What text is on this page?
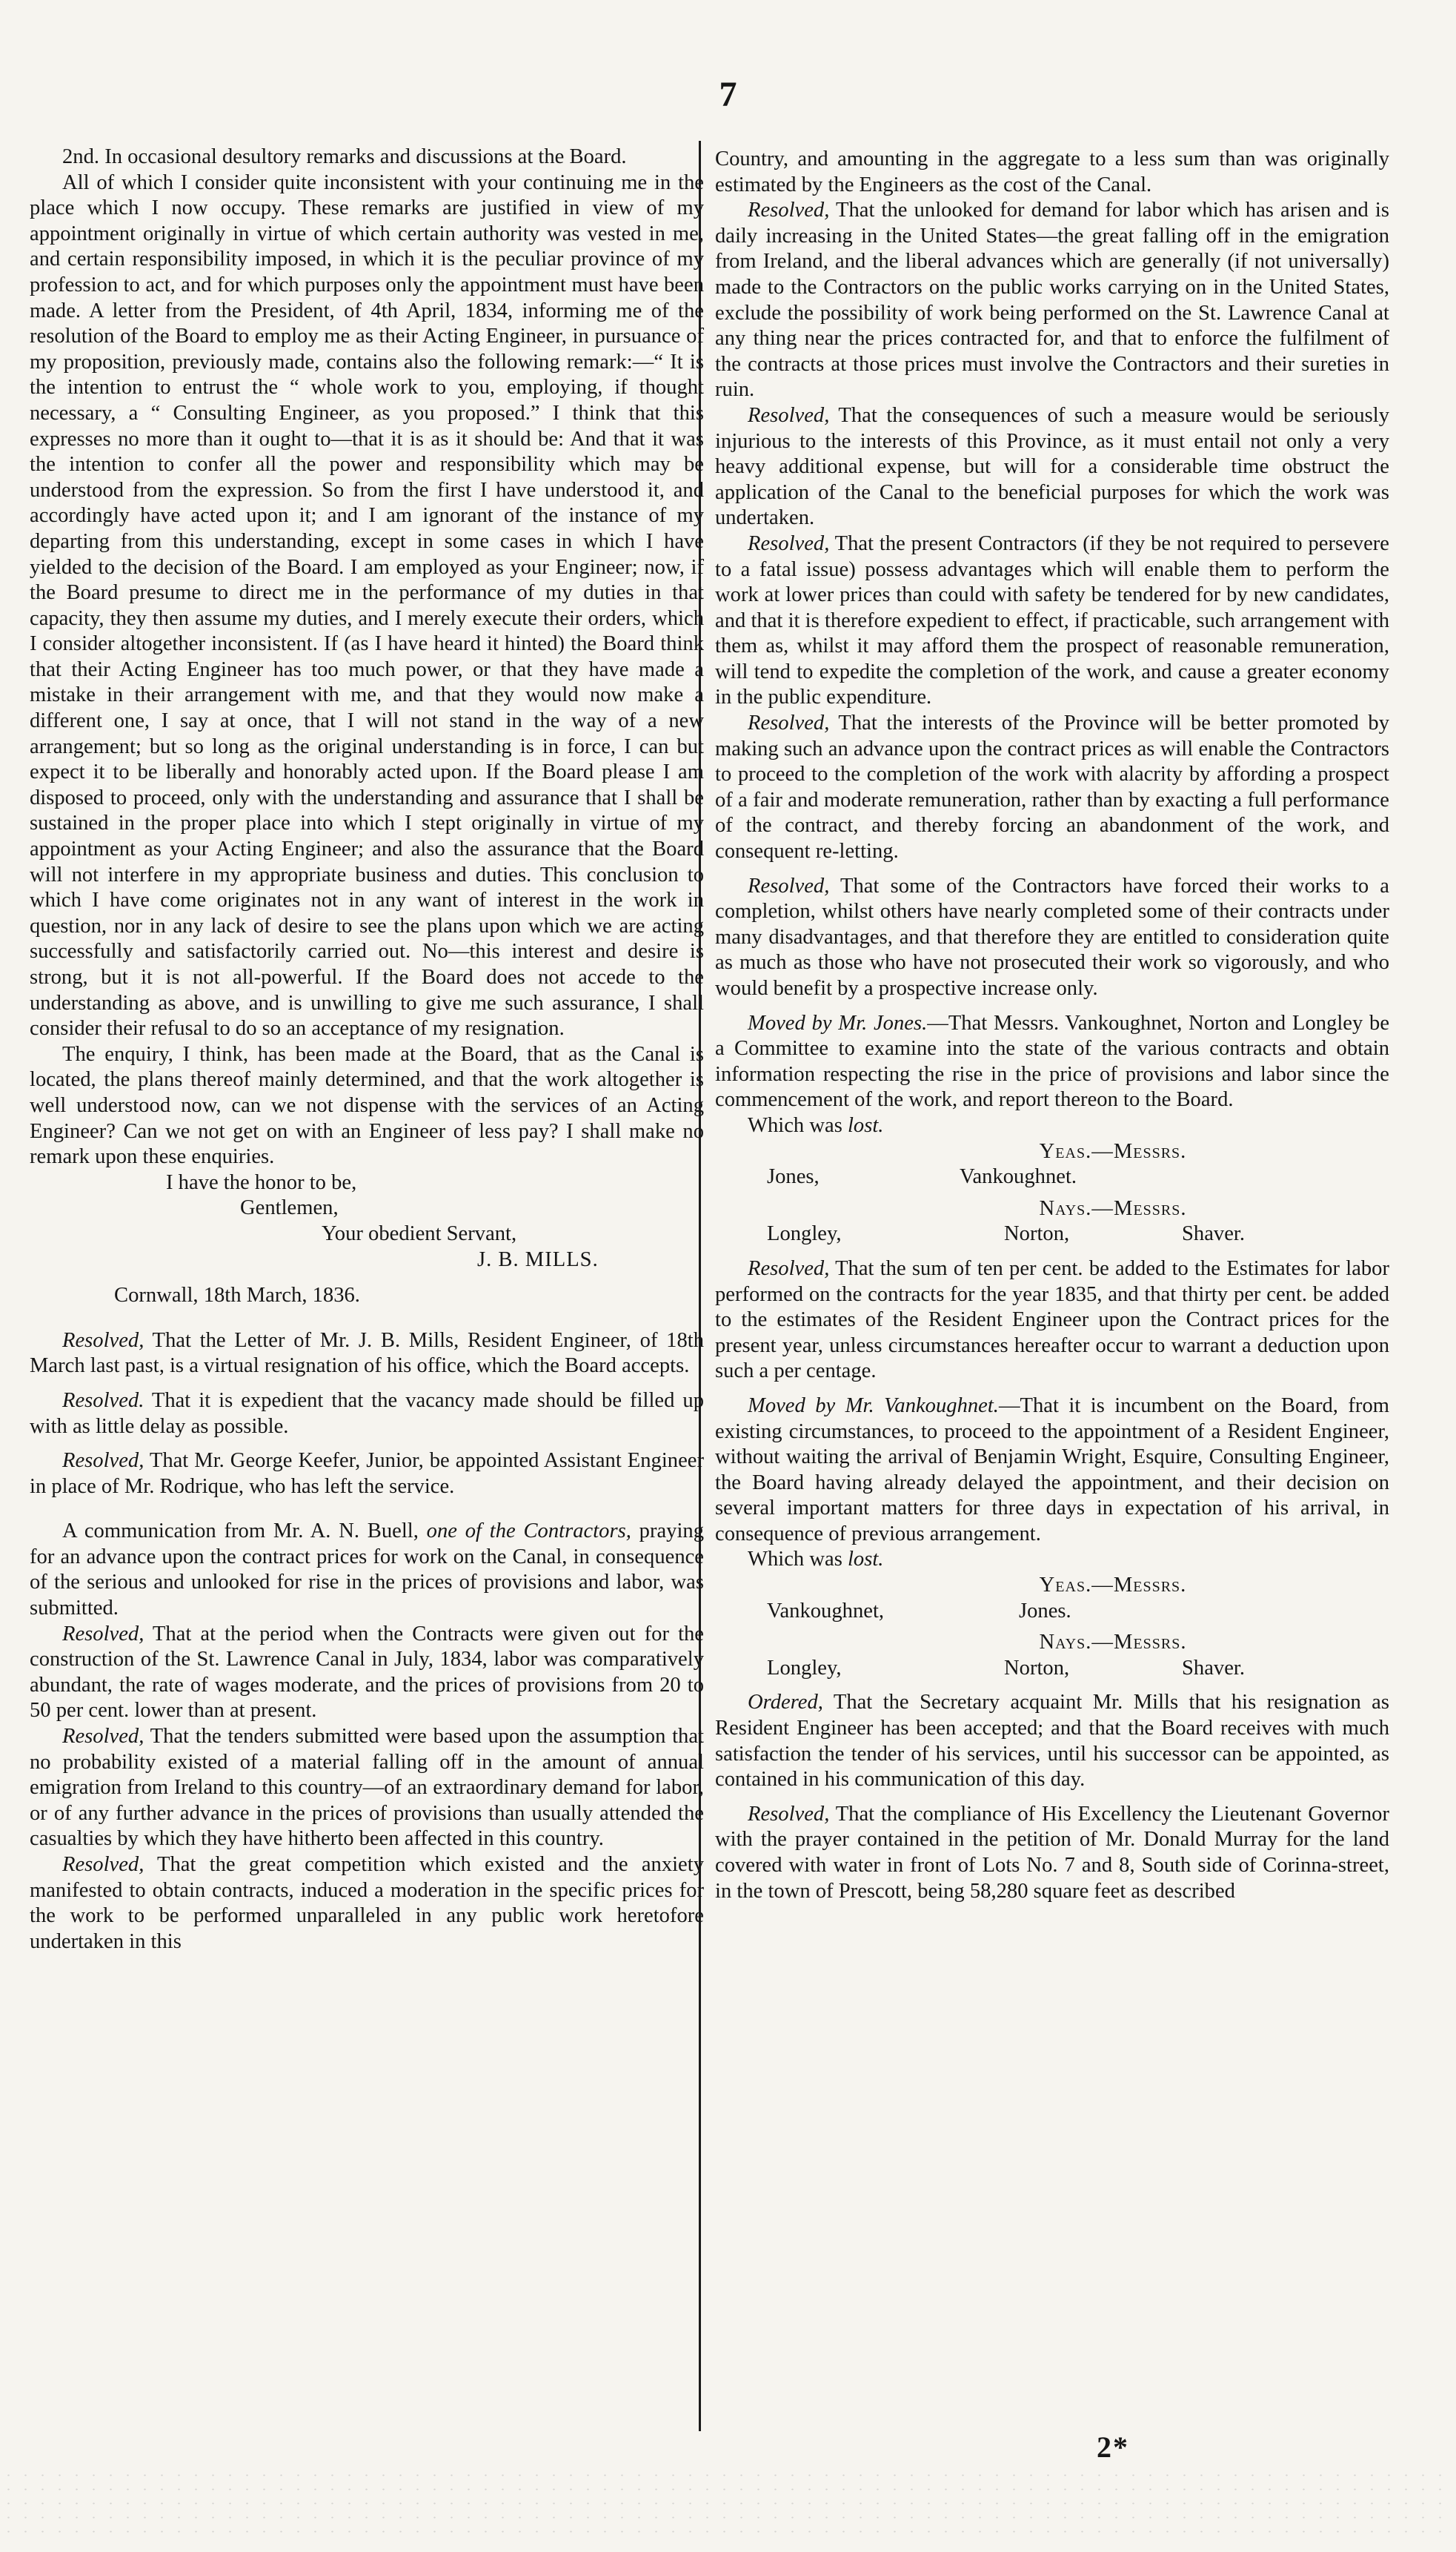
7

2nd. In occasional desultory remarks and discussions at the Board.

All of which I consider quite inconsistent with your continuing me in the place which I now occupy. These remarks are justified in view of my appointment originally in virtue of which certain authority was vested in me, and certain responsibility imposed, in which it is the peculiar province of my profession to act, and for which purposes only the appointment must have been made. A letter from the President, of 4th April, 1834, informing me of the resolution of the Board to employ me as their Acting Engineer, in pursuance of my proposition, previously made, contains also the following remark:—“ It is the intention to entrust the “ whole work to you, employing, if thought necessary, a “ Consulting Engineer, as you proposed.” I think that this expresses no more than it ought to—that it is as it should be: And that it was the intention to confer all the power and responsibility which may be understood from the expression. So from the first I have understood it, and accordingly have acted upon it; and I am ignorant of the instance of my departing from this understanding, except in some cases in which I have yielded to the decision of the Board. I am employed as your Engineer; now, if the Board presume to direct me in the performance of my duties in that capacity, they then assume my duties, and I merely execute their orders, which I consider altogether inconsistent. If (as I have heard it hinted) the Board think that their Acting Engineer has too much power, or that they have made a mistake in their arrangement with me, and that they would now make a different one, I say at once, that I will not stand in the way of a new arrangement; but so long as the original understanding is in force, I can but expect it to be liberally and honorably acted upon. If the Board please I am disposed to proceed, only with the understanding and assurance that I shall be sustained in the proper place into which I stept originally in virtue of my appointment as your Acting Engineer; and also the assurance that the Board will not interfere in my appropriate business and duties. This conclusion to which I have come originates not in any want of interest in the work in question, nor in any lack of desire to see the plans upon which we are acting successfully and satisfactorily carried out. No—this interest and desire is strong, but it is not all-powerful. If the Board does not accede to the understanding as above, and is unwilling to give me such assurance, I shall consider their refusal to do so an acceptance of my resignation.

The enquiry, I think, has been made at the Board, that as the Canal is located, the plans thereof mainly determined, and that the work altogether is well understood now, can we not dispense with the services of an Acting Engineer? Can we not get on with an Engineer of less pay? I shall make no remark upon these enquiries.

I have the honor to be,

Gentlemen,

Your obedient Servant,

J. B. MILLS.

Cornwall, 18th March, 1836.

Resolved, That the Letter of Mr. J. B. Mills, Resident Engineer, of 18th March last past, is a virtual resignation of his office, which the Board accepts.

Resolved. That it is expedient that the vacancy made should be filled up with as little delay as possible.

Resolved, That Mr. George Keefer, Junior, be appointed Assistant Engineer in place of Mr. Rodrique, who has left the service.

A communication from Mr. A. N. Buell, one of the Contractors, praying for an advance upon the contract prices for work on the Canal, in consequence of the serious and unlooked for rise in the prices of provisions and labor, was submitted.

Resolved, That at the period when the Contracts were given out for the construction of the St. Lawrence Canal in July, 1834, labor was comparatively abundant, the rate of wages moderate, and the prices of provisions from 20 to 50 per cent. lower than at present.

Resolved, That the tenders submitted were based upon the assumption that no probability existed of a material falling off in the amount of annual emigration from Ireland to this country—of an extraordinary demand for labor, or of any further advance in the prices of provisions than usually attended the casualties by which they have hitherto been affected in this country.

Resolved, That the great competition which existed and the anxiety manifested to obtain contracts, induced a moderation in the specific prices for the work to be performed unparalleled in any public work heretofore undertaken in this

Country, and amounting in the aggregate to a less sum than was originally estimated by the Engineers as the cost of the Canal.

Resolved, That the unlooked for demand for labor which has arisen and is daily increasing in the United States—the great falling off in the emigration from Ireland, and the liberal advances which are generally (if not universally) made to the Contractors on the public works carrying on in the United States, exclude the possibility of work being performed on the St. Lawrence Canal at any thing near the prices contracted for, and that to enforce the fulfilment of the contracts at those prices must involve the Contractors and their sureties in ruin.

Resolved, That the consequences of such a measure would be seriously injurious to the interests of this Province, as it must entail not only a very heavy additional expense, but will for a considerable time obstruct the application of the Canal to the beneficial purposes for which the work was undertaken.

Resolved, That the present Contractors (if they be not required to persevere to a fatal issue) possess advantages which will enable them to perform the work at lower prices than could with safety be tendered for by new candidates, and that it is therefore expedient to effect, if practicable, such arrangement with them as, whilst it may afford them the prospect of reasonable remuneration, will tend to expedite the completion of the work, and cause a greater economy in the public expenditure.

Resolved, That the interests of the Province will be better promoted by making such an advance upon the contract prices as will enable the Contractors to proceed to the completion of the work with alacrity by affording a prospect of a fair and moderate remuneration, rather than by exacting a full performance of the contract, and thereby forcing an abandonment of the work, and consequent re-letting.

Resolved, That some of the Contractors have forced their works to a completion, whilst others have nearly completed some of their contracts under many disadvantages, and that therefore they are entitled to consideration quite as much as those who have not prosecuted their work so vigorously, and who would benefit by a prospective increase only.

Moved by Mr. Jones.—That Messrs. Vankoughnet, Norton and Longley be a Committee to examine into the state of the various contracts and obtain information respecting the rise in the price of provisions and labor since the commencement of the work, and report thereon to the Board.

Which was lost.

Yeas.—Messrs.

Jones,	Vankoughnet.

Nays.—Messrs.

Longley,	Norton,	Shaver.

Resolved, That the sum of ten per cent. be added to the Estimates for labor performed on the contracts for the year 1835, and that thirty per cent. be added to the estimates of the Resident Engineer upon the Contract prices for the present year, unless circumstances hereafter occur to warrant a deduction upon such a per centage.

Moved by Mr. Vankoughnet.—That it is incumbent on the Board, from existing circumstances, to proceed to the appointment of a Resident Engineer, without waiting the arrival of Benjamin Wright, Esquire, Consulting Engineer, the Board having already delayed the appointment, and their decision on several important matters for three days in expectation of his arrival, in consequence of previous arrangement.

Which was lost.

Yeas.—Messrs.

Vankoughnet,	Jones.

Nays.—Messrs.

Longley,	Norton,	Shaver.

Ordered, That the Secretary acquaint Mr. Mills that his resignation as Resident Engineer has been accepted; and that the Board receives with much satisfaction the tender of his services, until his successor can be appointed, as contained in his communication of this day.

Resolved, That the compliance of His Excellency the Lieutenant Governor with the prayer contained in the petition of Mr. Donald Murray for the land covered with water in front of Lots No. 7 and 8, South side of Corinna-street, in the town of Prescott, being 58,280 square feet as described

2*
